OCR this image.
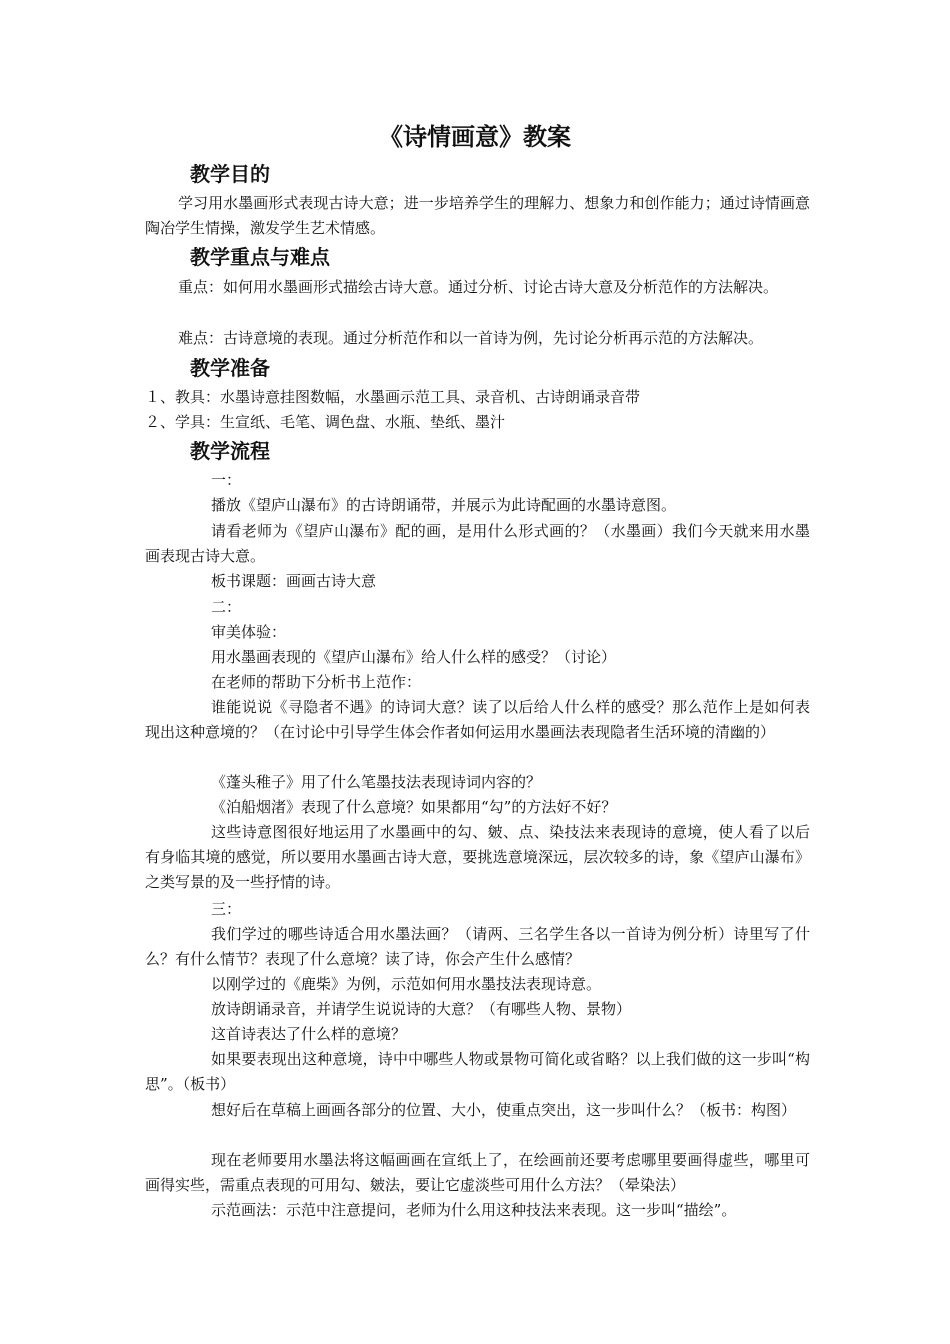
《诗情画意》教案
教学目的
学习用水墨画形式表现古诗大意；进一步培养学生的理解力、想象力和创作能力；通过诗情画意陶冶学生情操，激发学生艺术情感。
教学重点与难点
重点：如何用水墨画形式描绘古诗大意。通过分析、讨论古诗大意及分析范作的方法解决。
难点：古诗意境的表现。通过分析范作和以一首诗为例，先讨论分析再示范的方法解决。
教学准备
１、教具：水墨诗意挂图数幅，水墨画示范工具、录音机、古诗朗诵录音带
２、学具：生宣纸、毛笔、调色盘、水瓶、垫纸、墨汁
教学流程
一：
播放《望庐山瀑布》的古诗朗诵带，并展示为此诗配画的水墨诗意图。
请看老师为《望庐山瀑布》配的画，是用什么形式画的？（水墨画）我们今天就来用水墨画表现古诗大意。
板书课题：画画古诗大意
二：
审美体验：
用水墨画表现的《望庐山瀑布》给人什么样的感受？（讨论）
在老师的帮助下分析书上范作：
谁能说说《寻隐者不遇》的诗词大意？读了以后给人什么样的感受？那么范作上是如何表现出这种意境的？（在讨论中引导学生体会作者如何运用水墨画法表现隐者生活环境的清幽的）
《蓬头稚子》用了什么笔墨技法表现诗词内容的？
《泊船烟渚》表现了什么意境？如果都用“勾”的方法好不好？
这些诗意图很好地运用了水墨画中的勾、皴、点、染技法来表现诗的意境，使人看了以后有身临其境的感觉，所以要用水墨画古诗大意，要挑选意境深远，层次较多的诗，象《望庐山瀑布》之类写景的及一些抒情的诗。
三：
我们学过的哪些诗适合用水墨法画？（请两、三名学生各以一首诗为例分析）诗里写了什么？有什么情节？表现了什么意境？读了诗，你会产生什么感情？
以刚学过的《鹿柴》为例，示范如何用水墨技法表现诗意。
放诗朗诵录音，并请学生说说诗的大意？（有哪些人物、景物）
这首诗表达了什么样的意境？
如果要表现出这种意境，诗中中哪些人物或景物可简化或省略？以上我们做的这一步叫“构思”。（板书）
想好后在草稿上画画各部分的位置、大小，使重点突出，这一步叫什么？（板书：构图）
现在老师要用水墨法将这幅画画在宣纸上了，在绘画前还要考虑哪里要画得虚些，哪里可画得实些，需重点表现的可用勾、皴法，要让它虚淡些可用什么方法？（晕染法）
示范画法：示范中注意提问，老师为什么用这种技法来表现。这一步叫“描绘”。
